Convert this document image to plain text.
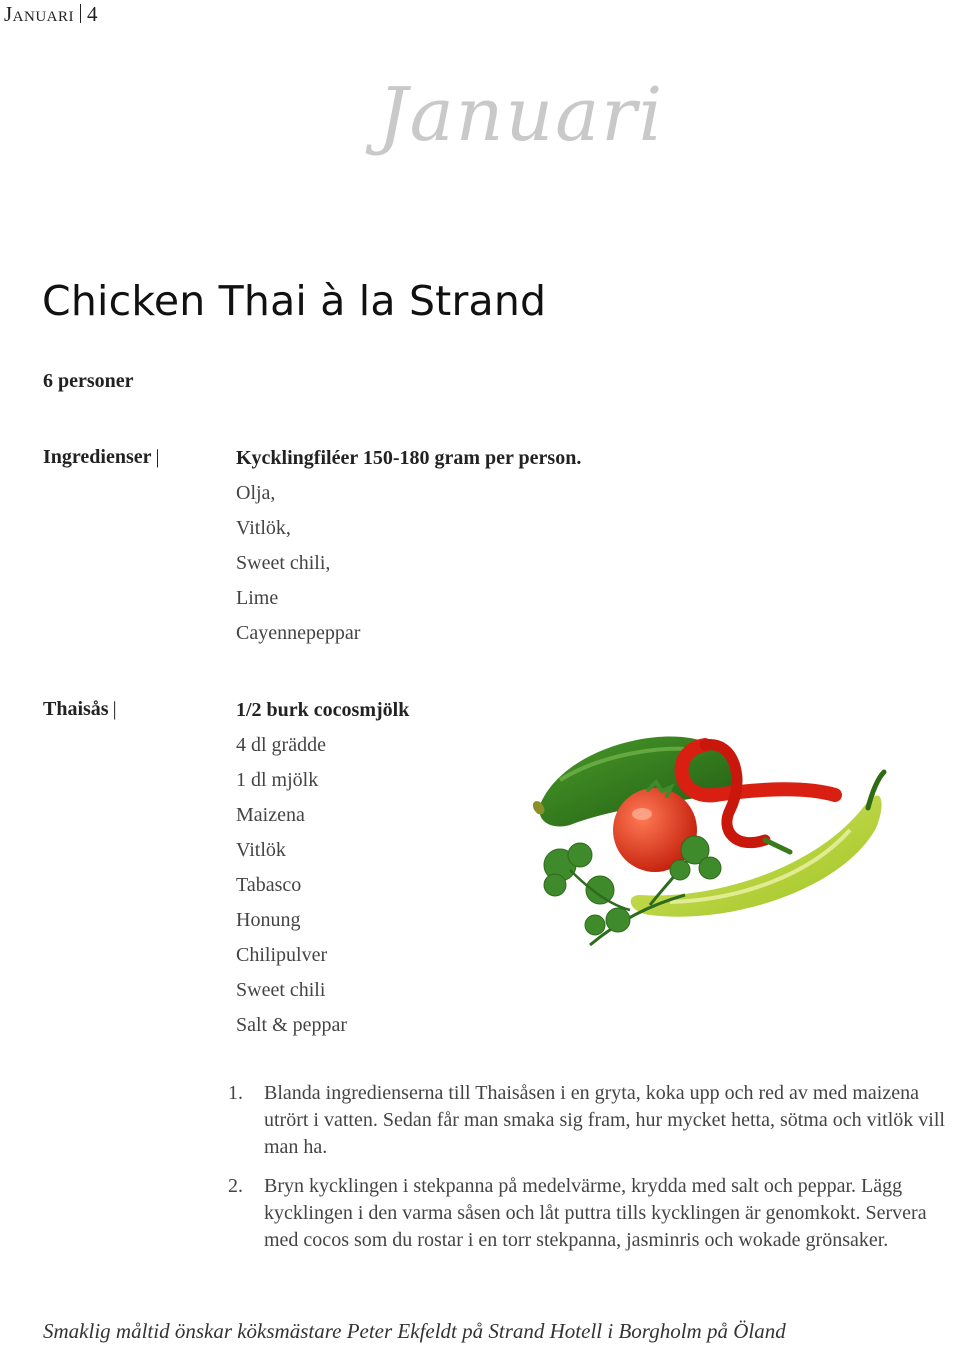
Januari 4
Januari
Chicken Thai à la Strand
6 personer
Ingredienser |	Kycklingfiléer 150-180 gram per person.
Olja,
Vitlök,
Sweet chili,
Lime
Cayennepeppar
Thaisås |	1/2 burk cocosmjölk
4 dl grädde
1 dl mjölk
Maizena
Vitlök
Tabasco
Honung
Chilipulver
Sweet chili
Salt & peppar
1. Blanda ingredienserna till Thaisåsen i en gryta, koka upp och red av med maizena utrört i vatten. Sedan får man smaka sig fram, hur mycket hetta, sötma och vitlök vill man ha.
2. Bryn kycklingen i stekpanna på medelvärme, krydda med salt och peppar. Lägg kycklingen i den varma såsen och låt puttra tills kycklingen är genomkokt. Servera med cocos som du rostar i en torr stekpanna, jasminris och wokade grönsaker.
Smaklig måltid önskar köksmästare Peter Ekfeldt på Strand Hotell i Borgholm på Öland
